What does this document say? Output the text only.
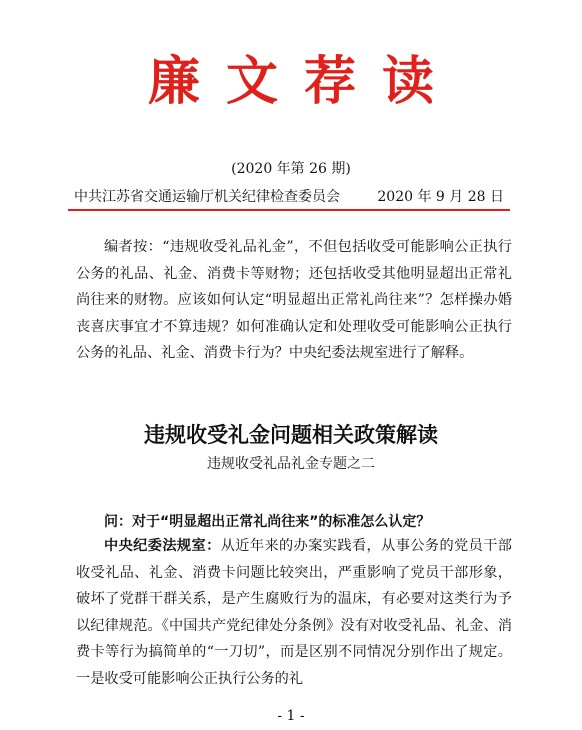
廉文荐读
(2020 年第 26 期)
中共江苏省交通运输厅机关纪律检查委员会	2020 年 9 月 28 日
编者按：“违规收受礼品礼金”，不但包括收受可能影响公正执行公务的礼品、礼金、消费卡等财物；还包括收受其他明显超出正常礼尚往来的财物。应该如何认定“明显超出正常礼尚往来”？怎样操办婚丧喜庆事宜才不算违规？如何准确认定和处理收受可能影响公正执行公务的礼品、礼金、消费卡行为？中央纪委法规室进行了解释。
违规收受礼金问题相关政策解读
违规收受礼品礼金专题之二
问：对于“明显超出正常礼尚往来”的标准怎么认定？
中央纪委法规室：从近年来的办案实践看，从事公务的党员干部收受礼品、礼金、消费卡问题比较突出，严重影响了党员干部形象，破坏了党群干群关系，是产生腐败行为的温床，有必要对这类行为予以纪律规范。《中国共产党纪律处分条例》没有对收受礼品、礼金、消费卡等行为搞简单的“一刀切”，而是区别不同情况分别作出了规定。一是收受可能影响公正执行公务的礼
- 1 -
